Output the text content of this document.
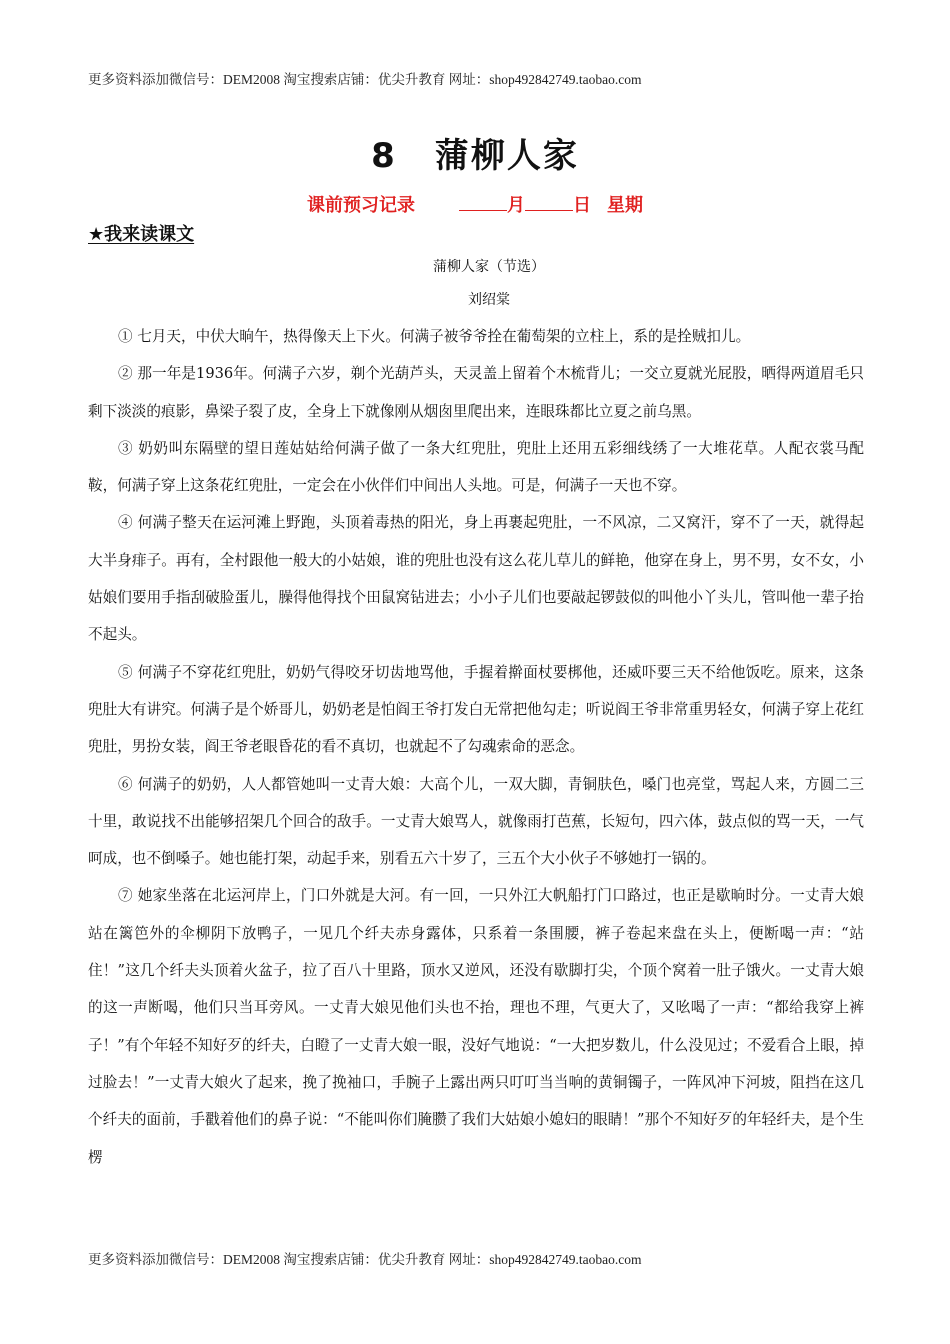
更多资料添加微信号：DEM2008 淘宝搜索店铺：优尖升教育 网址：shop492842749.taobao.com
8 蒲柳人家
课前预习记录	月	日 星期
★我来读课文
蒲柳人家（节选）
刘绍棠

① 七月天，中伏大晌午，热得像天上下火。何满子被爷爷拴在葡萄架的立柱上，系的是拴贼扣儿。

② 那一年是1936年。何满子六岁，剃个光葫芦头，天灵盖上留着个木梳背儿；一交立夏就光屁股，晒得两道眉毛只剩下淡淡的痕影，鼻梁子裂了皮，全身上下就像刚从烟囱里爬出来，连眼珠都比立夏之前乌黑。

③ 奶奶叫东隔壁的望日莲姑姑给何满子做了一条大红兜肚，兜肚上还用五彩细线绣了一大堆花草。人配衣裳马配鞍，何满子穿上这条花红兜肚，一定会在小伙伴们中间出人头地。可是，何满子一天也不穿。

④ 何满子整天在运河滩上野跑，头顶着毒热的阳光，身上再裹起兜肚，一不风凉，二又窝汗，穿不了一天，就得起大半身痱子。再有，全村跟他一般大的小姑娘，谁的兜肚也没有这么花儿草儿的鲜艳，他穿在身上，男不男，女不女，小姑娘们要用手指刮破脸蛋儿，臊得他得找个田鼠窝钻进去；小小子儿们也要敲起锣鼓似的叫他小丫头儿，管叫他一辈子抬不起头。

⑤ 何满子不穿花红兜肚，奶奶气得咬牙切齿地骂他，手握着擀面杖要梆他，还威吓要三天不给他饭吃。原来，这条兜肚大有讲究。何满子是个娇哥儿，奶奶老是怕阎王爷打发白无常把他勾走；听说阎王爷非常重男轻女，何满子穿上花红兜肚，男扮女装，阎王爷老眼昏花的看不真切，也就起不了勾魂索命的恶念。

⑥ 何满子的奶奶，人人都管她叫一丈青大娘：大高个儿，一双大脚，青铜肤色，嗓门也亮堂，骂起人来，方圆二三十里，敢说找不出能够招架几个回合的敌手。一丈青大娘骂人，就像雨打芭蕉，长短句，四六体，鼓点似的骂一天，一气呵成，也不倒嗓子。她也能打架，动起手来，别看五六十岁了，三五个大小伙子不够她打一锅的。

⑦ 她家坐落在北运河岸上，门口外就是大河。有一回，一只外江大帆船打门口路过，也正是歇晌时分。一丈青大娘站在篱笆外的伞柳阴下放鸭子，一见几个纤夫赤身露体，只系着一条围腰，裤子卷起来盘在头上，便断喝一声：“站住！”这几个纤夫头顶着火盆子，拉了百八十里路，顶水又逆风，还没有歇脚打尖，个顶个窝着一肚子饿火。一丈青大娘的这一声断喝，他们只当耳旁风。一丈青大娘见他们头也不抬，理也不理，气更大了，又吆喝了一声：“都给我穿上裤子！”有个年轻不知好歹的纤夫，白瞪了一丈青大娘一眼，没好气地说：“一大把岁数儿，什么没见过；不爱看合上眼，掉过脸去！”一丈青大娘火了起来，挽了挽袖口，手腕子上露出两只叮叮当当响的黄铜镯子，一阵风冲下河坡，阻挡在这几个纤夫的面前，手戳着他们的鼻子说：“不能叫你们腌臜了我们大姑娘小媳妇的眼睛！”那个不知好歹的年轻纤夫，是个生楞

更多资料添加微信号：DEM2008 淘宝搜索店铺：优尖升教育 网址：shop492842749.taobao.com
